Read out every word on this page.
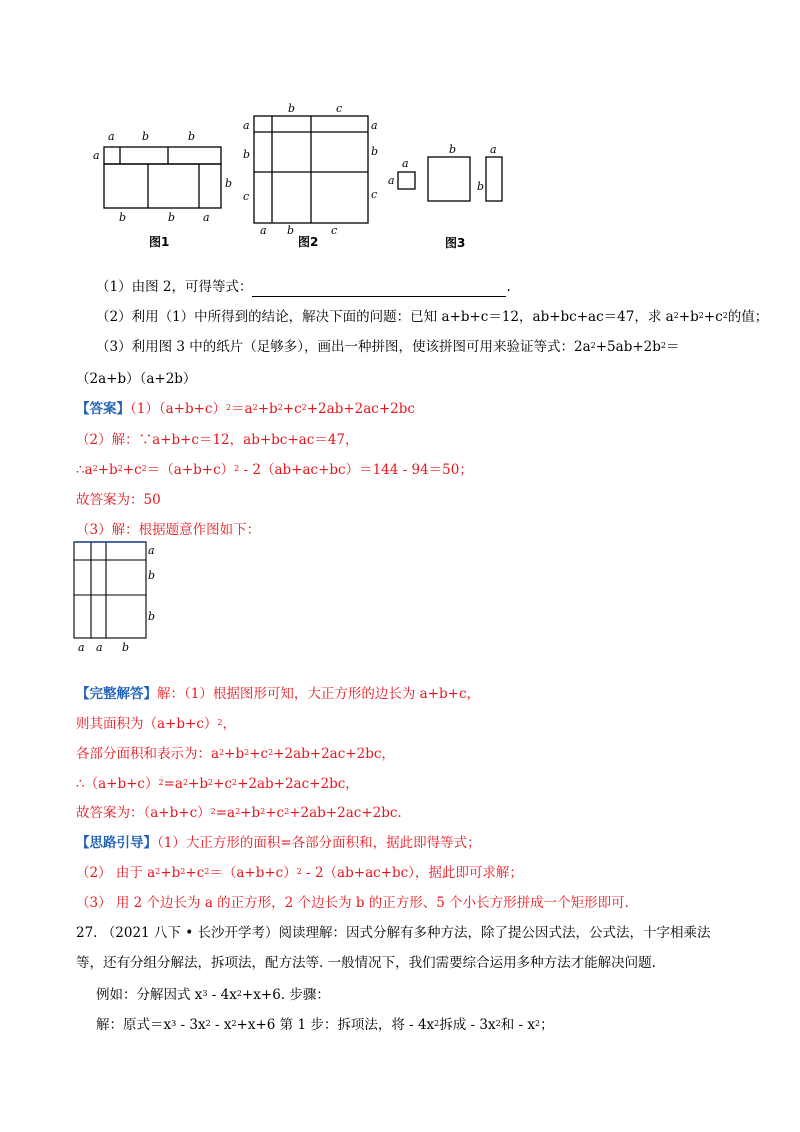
a b	b
a
b
b	b	a
图1
b	c
a
b
c
a
b
c
a b	c
图2
a
b
b
a
a
图3
（1）由图 2，可得等式：	.
（2）利用（1）中所得到的结论，解决下面的问题：已知 a+b+c＝12，ab+bc+ac＝47，求 $a^2+b^2+c^2$的值；
（3）利用图 3 中的纸片（足够多），画出一种拼图，使该拼图可用来验证等式：$2a^2+5ab+2b^2=$
（2a+b）（a+2b）
【答案】$(1)(a+b+c)^2=a^2+b^2+c^2+2ab+2ac+2bc$
（2）解：∵a+b+c＝12，ab+bc+ac＝47，
$\therefore a^2+b^2+c^2=(a+b+c)^2 - 2(ab+ac+bc)=144 - 94=50$；
故答案为：50
（3）解：根据题意作图如下：
a
b
b
a a b
【完整解答】解：（1）根据图形可知，大正方形的边长为 a+b+c，
则其面积为$(a+b+c)^2$，
各部分面积和表示为：$a^2+b^2+c^2+2ab+2ac+2bc$，
$\therefore(a+b+c)^2=a^2+b^2+c^2+2ab+2ac+2bc$，
故答案为：$(a+b+c)^2=a^2+b^2+c^2+2ab+2ac+2bc$.
【思路引导】（1）大正方形的面积=各部分面积和，据此即得等式；
（2） 由于 $a^2+b^2+c^2=(a+b+c)^2 - 2(ab+ac+bc)$，据此即可求解；
（3） 用 2 个边长为 a 的正方形，2 个边长为 b 的正方形、5 个小长方形拼成一个矩形即可.
27. （2021 八下 • 长沙开学考）阅读理解：因式分解有多种方法，除了提公因式法，公式法，十字相乘法
等，还有分组分解法，拆项法，配方法等. 一般情况下，我们需要综合运用多种方法才能解决问题.
例如：分解因式 $x^3 - 4x^2+x+6$. 步骤：
解：原式$=x^3 - 3x^2 - x^2+x+6$ 第 1 步：拆项法，将 - $4x^2$拆成 - $3x^2$和 - $x^2$；
